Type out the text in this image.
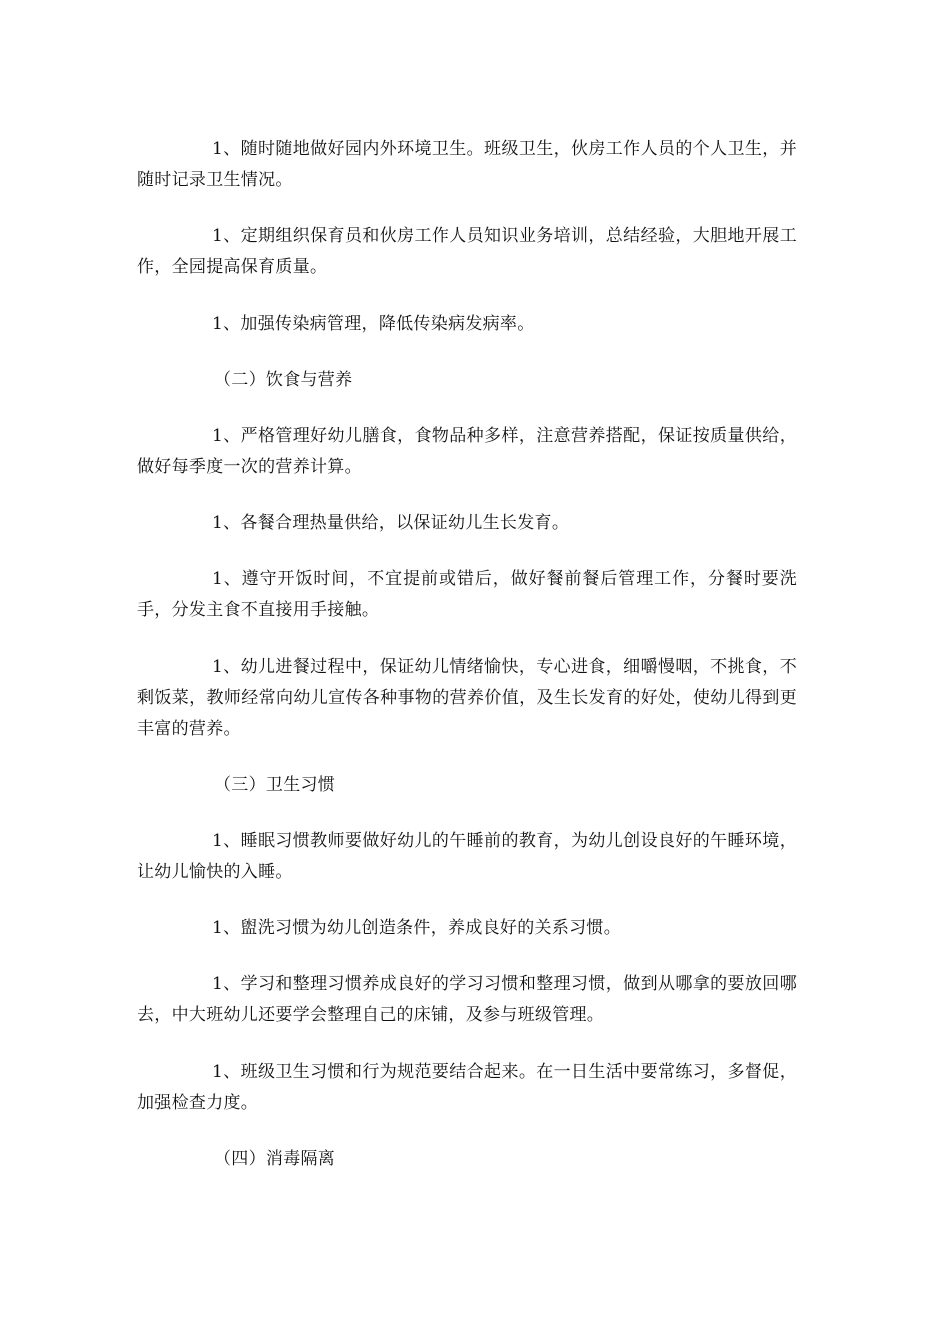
1、随时随地做好园内外环境卫生。班级卫生，伙房工作人员的个人卫生，并随时记录卫生情况。

1、定期组织保育员和伙房工作人员知识业务培训，总结经验，大胆地开展工作，全园提高保育质量。

1、加强传染病管理，降低传染病发病率。

（二）饮食与营养

1、严格管理好幼儿膳食，食物品种多样，注意营养搭配，保证按质量供给，做好每季度一次的营养计算。

1、各餐合理热量供给，以保证幼儿生长发育。

1、遵守开饭时间，不宜提前或错后，做好餐前餐后管理工作，分餐时要洗手，分发主食不直接用手接触。

1、幼儿进餐过程中，保证幼儿情绪愉快，专心进食，细嚼慢咽，不挑食，不剩饭菜，教师经常向幼儿宣传各种事物的营养价值，及生长发育的好处，使幼儿得到更丰富的营养。

（三）卫生习惯

1、睡眠习惯教师要做好幼儿的午睡前的教育，为幼儿创设良好的午睡环境，让幼儿愉快的入睡。

1、盥洗习惯为幼儿创造条件，养成良好的关系习惯。

1、学习和整理习惯养成良好的学习习惯和整理习惯，做到从哪拿的要放回哪去，中大班幼儿还要学会整理自己的床铺，及参与班级管理。

1、班级卫生习惯和行为规范要结合起来。在一日生活中要常练习，多督促，加强检查力度。

（四）消毒隔离
